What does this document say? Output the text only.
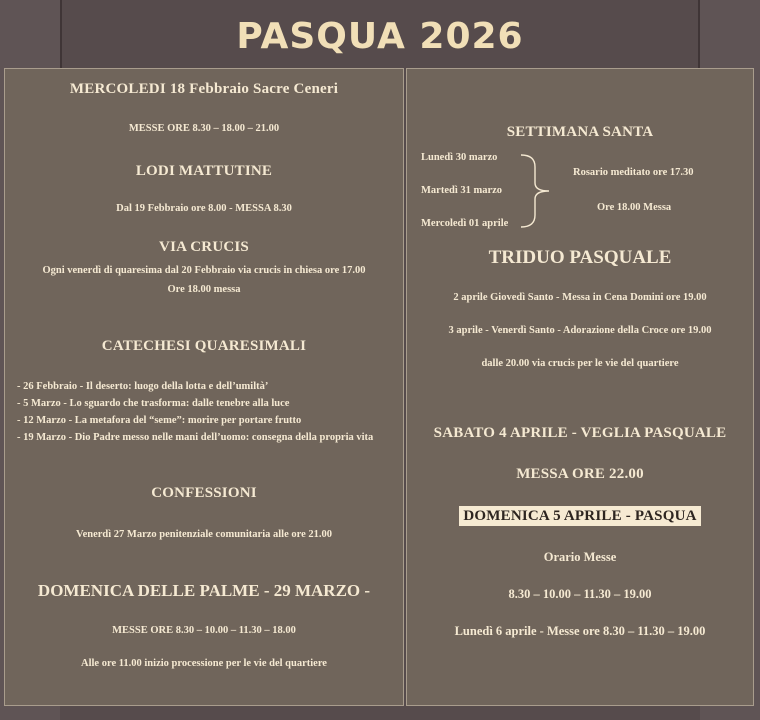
PASQUA 2026
MERCOLEDI 18 Febbraio Sacre Ceneri
MESSE ORE 8.30 – 18.00 – 21.00
LODI MATTUTINE
Dal 19 Febbraio ore 8.00 - MESSA 8.30
VIA CRUCIS
Ogni venerdì di quaresima dal 20 Febbraio via crucis in chiesa ore 17.00
Ore 18.00 messa
CATECHESI QUARESIMALI
- 26 Febbraio - Il deserto: luogo della lotta e dell’umiltà’
- 5 Marzo - Lo sguardo che trasforma: dalle tenebre alla luce
- 12 Marzo - La metafora del “seme”: morire per portare frutto
- 19 Marzo - Dio Padre messo nelle mani dell’uomo: consegna della propria vita
CONFESSIONI
Venerdì 27 Marzo penitenziale comunitaria alle ore 21.00
DOMENICA DELLE PALME - 29 MARZO -
MESSE ORE 8.30 – 10.00 – 11.30 – 18.00
Alle ore 11.00 inizio processione per le vie del quartiere
SETTIMANA SANTA
Lunedì 30 marzo
Martedì 31 marzo
Mercoledì 01 aprile
Rosario meditato ore 17.30
Ore 18.00 Messa
TRIDUO PASQUALE
2 aprile Giovedì Santo - Messa in Cena Domini ore 19.00
3 aprile - Venerdì Santo - Adorazione della Croce ore 19.00
dalle 20.00 via crucis per le vie del quartiere
SABATO 4 APRILE - VEGLIA PASQUALE
MESSA ORE 22.00
DOMENICA 5 APRILE - PASQUA
Orario Messe
8.30 – 10.00 – 11.30 – 19.00
Lunedì 6 aprile - Messe ore 8.30 – 11.30 – 19.00
